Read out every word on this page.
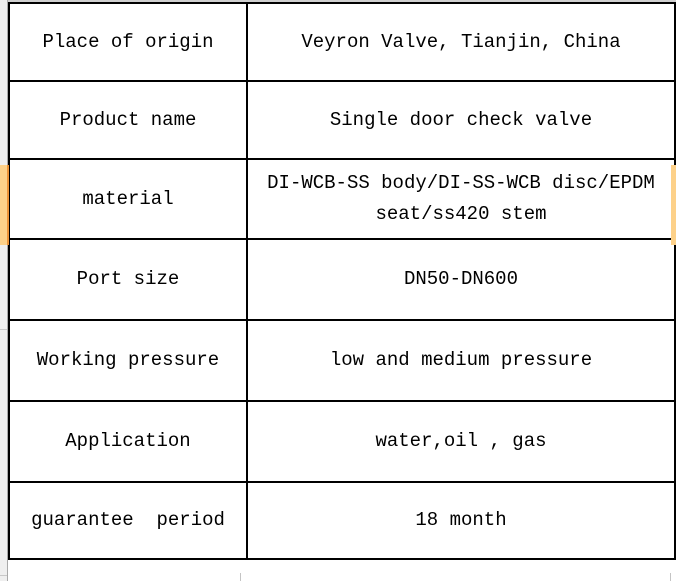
Place of origin	Veyron Valve, Tianjin, China
Product name	Single door check valve
material	DI-WCB-SS body/DI-SS-WCB disc/EPDM seat/ss420 stem
Port size	DN50-DN600
Working pressure	low and medium pressure
Application	water,oil , gas
guarantee  period	18 month
